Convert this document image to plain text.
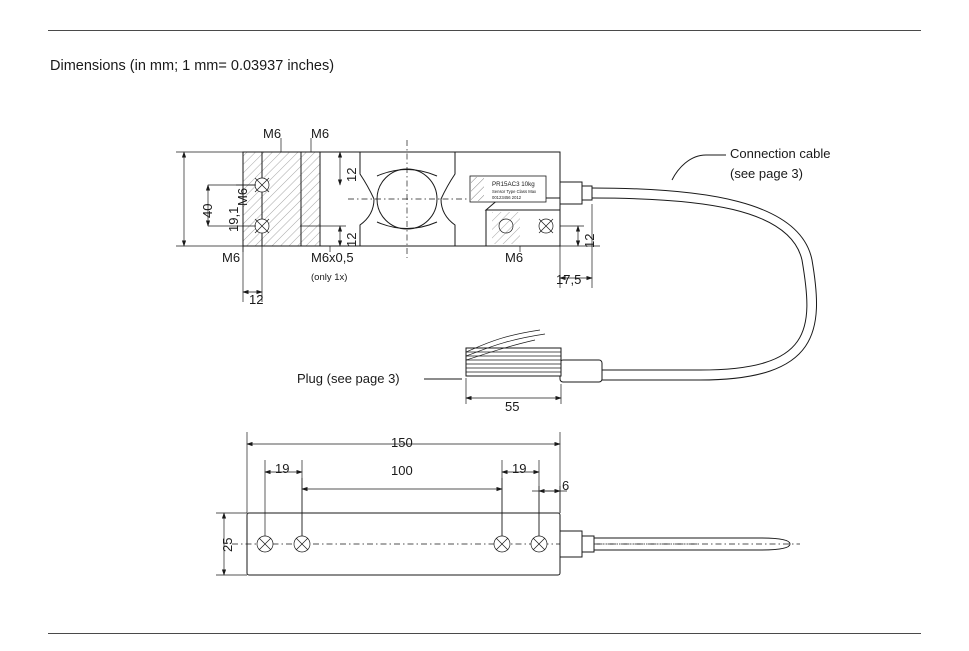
Dimensions (in mm; 1 mm= 0.03937 inches)
PR15AC3 10kg
Sensor Type Class Max
00123456 2012
M6 M6
40 19,1
M6
12
12	12
M6	M6x0,5
(only 1x)
M6
12
17,5
Connection cable
(see page 3)
Plug (see page 3)
55
150
19	100	19
6
25
